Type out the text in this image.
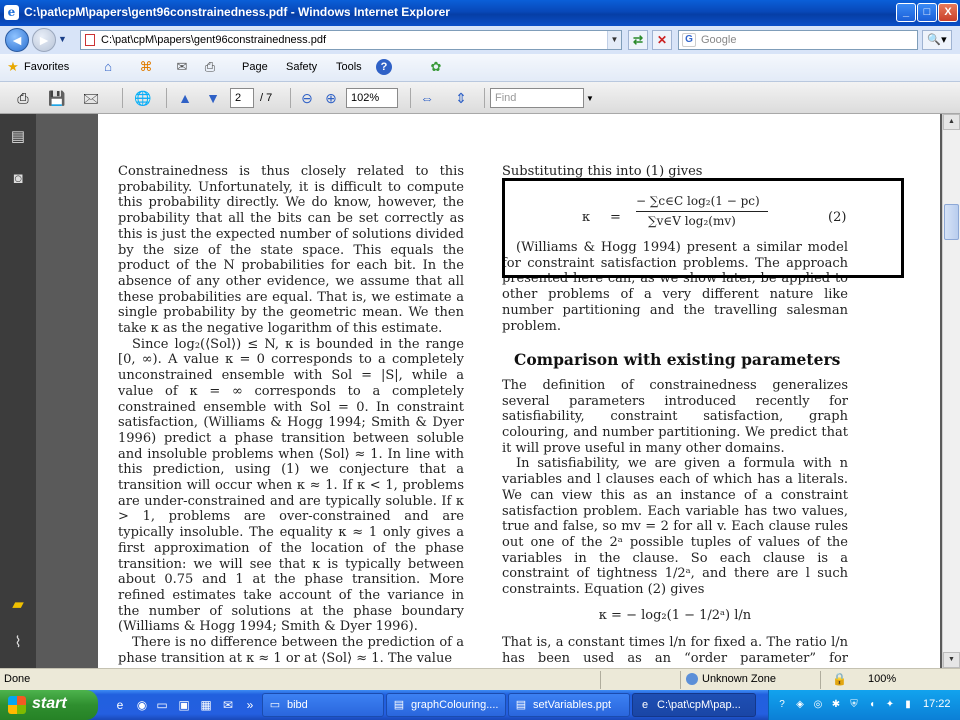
e C:\pat\cpM\papers\gent96constrainedness.pdf - Windows Internet Explorer	_	□	X
◄ ► ▼	C:\pat\cpM\papers\gent96constrainedness.pdf	▼	⇄	✕	G Google	🔍▾
★ Favorites	⌂	⌘ ✉ ⎙ Page Safety Tools	?	✿
⎙ 💾 🖂	🌐 ▲ ▼	2	/ 7 ⊖ ⊕	102%	⇔ ⇕	Find	▼
▤
◙
▰
⌇

Constrainedness is thus closely related to this probability. Unfortunately, it is difficult to compute this probability directly. We do know, however, the probability that all the bits can be set correctly as this is just the expected number of solutions divided by the size of the state space. This equals the product of the N probabilities for each bit. In the absence of any other evidence, we assume that all these probabilities are equal. That is, we estimate a single probability by the geometric mean. We then take κ as the negative logarithm of this estimate.

Since log₂(⟨Sol⟩) ≤ N, κ is bounded in the range [0, ∞). A value κ = 0 corresponds to a completely unconstrained ensemble with Sol = |S|, while a value of κ = ∞ corresponds to a completely constrained ensemble with Sol = 0. In constraint satisfaction, (Williams & Hogg 1994; Smith & Dyer 1996) predict a phase transition between soluble and insoluble problems when ⟨Sol⟩ ≈ 1. In line with this prediction, using (1) we conjecture that a transition will occur when κ ≈ 1. If κ < 1, problems are under-constrained and are typically soluble. If κ > 1, problems are over-constrained and are typically insoluble. The equality κ ≈ 1 only gives a first approximation of the location of the phase transition: we will see that κ is typically between about 0.75 and 1 at the phase transition. More refined estimates take account of the variance in the number of solutions at the phase boundary (Williams & Hogg 1994; Smith & Dyer 1996).

There is no difference between the prediction of a phase transition at κ ≈ 1 or at ⟨Sol⟩ ≈ 1. The value

Substituting this into (1) gives
κ =
− ∑c∈C log₂(1 − pc)
∑v∈V log₂(mv)	(2)

(Williams & Hogg 1994) present a similar model for constraint satisfaction problems. The approach presented here can, as we show later, be applied to other problems of a very different nature like number partitioning and the travelling salesman problem.

Comparison with existing parameters

The definition of constrainedness generalizes several parameters introduced recently for satisfiability, constraint satisfaction, graph colouring, and number partitioning. We predict that it will prove useful in many other domains.

In satisfiability, we are given a formula with n variables and l clauses each of which has a literals. We can view this as an instance of a constraint satisfaction problem. Each variable has two values, true and false, so mv = 2 for all v. Each clause rules out one of the 2ᵃ possible tuples of values of the variables in the clause. So each clause is a constraint of tightness 1/2ᵃ, and there are l such constraints. Equation (2) gives

κ = − log₂(1 − 1/2ᵃ) l/n

That is, a constant times l/n for fixed a. The ratio l/n has been used as an “order parameter” for

▲
▼
Done	Unknown Zone	🔒 100%
start	e	◉ ▭ ▣ ▦ ✉	»	▭ bibd	▤ graphColouring.... ▤ setVariables.ppt	e C:\pat\cpM\pap...	?	◈ ◎ ✱	⛨	◖	✦	▮	17:22
